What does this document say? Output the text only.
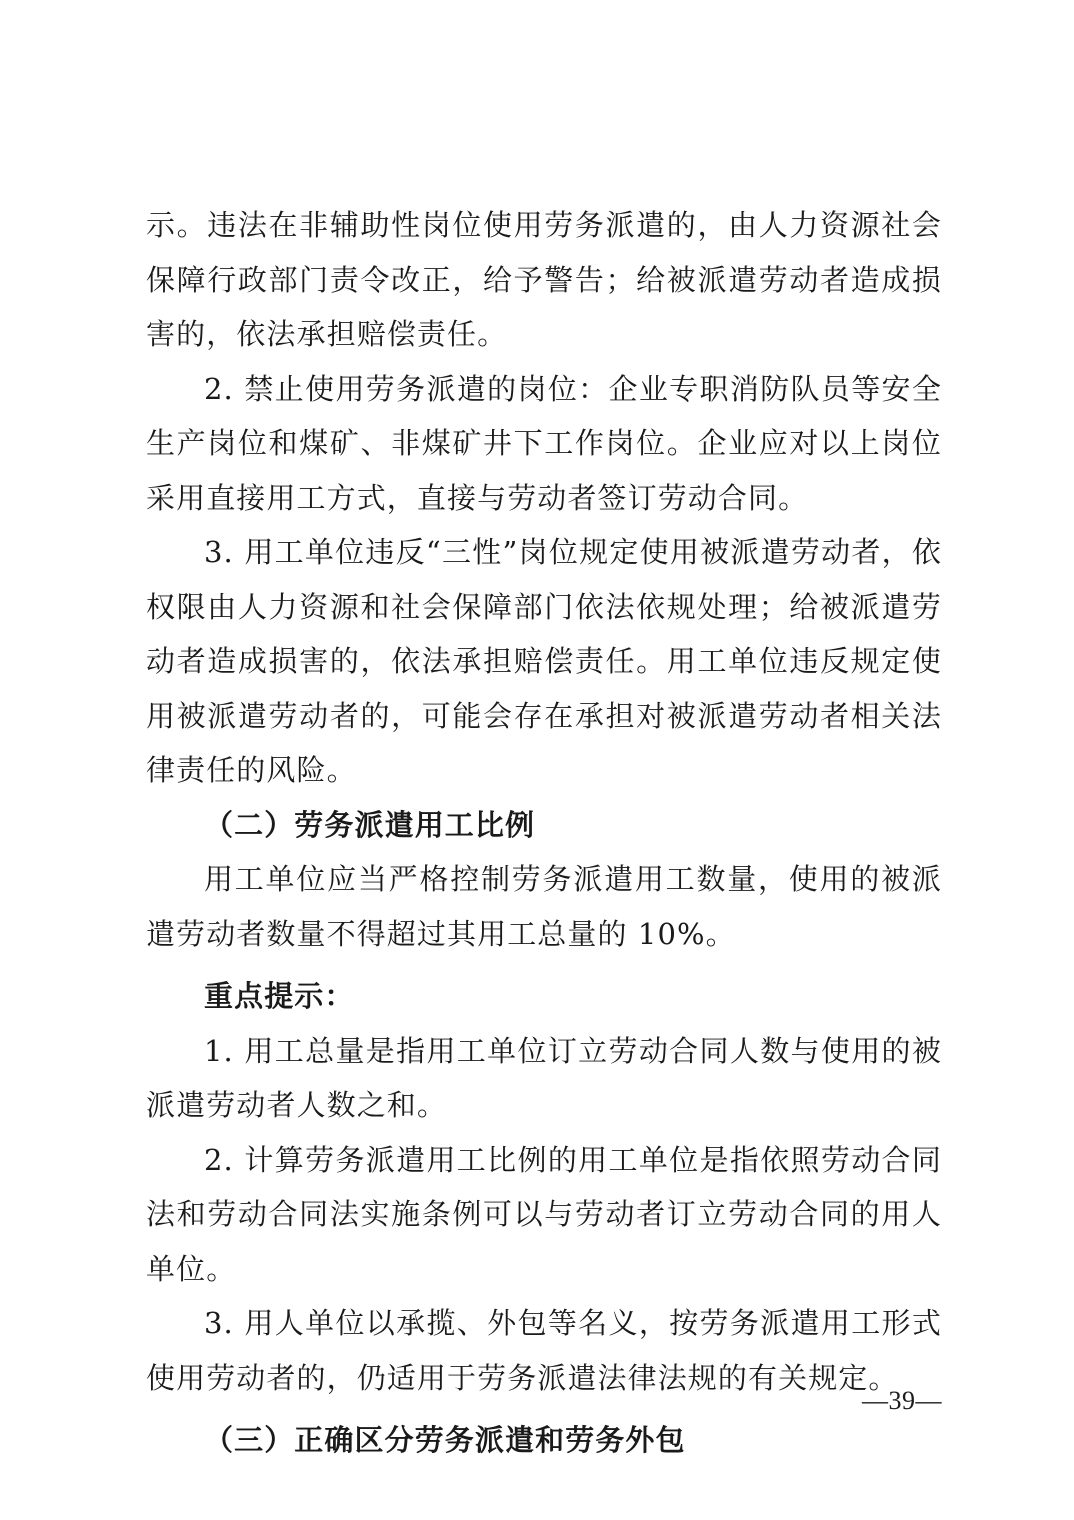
示。违法在非辅助性岗位使用劳务派遣的，由人力资源社会保障行政部门责令改正，给予警告；给被派遣劳动者造成损害的，依法承担赔偿责任。

2. 禁止使用劳务派遣的岗位：企业专职消防队员等安全生产岗位和煤矿、非煤矿井下工作岗位。企业应对以上岗位采用直接用工方式，直接与劳动者签订劳动合同。

3. 用工单位违反“三性”岗位规定使用被派遣劳动者，依权限由人力资源和社会保障部门依法依规处理；给被派遣劳动者造成损害的，依法承担赔偿责任。用工单位违反规定使用被派遣劳动者的，可能会存在承担对被派遣劳动者相关法律责任的风险。

（二）劳务派遣用工比例

用工单位应当严格控制劳务派遣用工数量，使用的被派遣劳动者数量不得超过其用工总量的 10%。

重点提示：

1. 用工总量是指用工单位订立劳动合同人数与使用的被派遣劳动者人数之和。

2. 计算劳务派遣用工比例的用工单位是指依照劳动合同法和劳动合同法实施条例可以与劳动者订立劳动合同的用人单位。

3. 用人单位以承揽、外包等名义，按劳务派遣用工形式使用劳动者的，仍适用于劳务派遣法律法规的有关规定。

（三）正确区分劳务派遣和劳务外包

—39—
